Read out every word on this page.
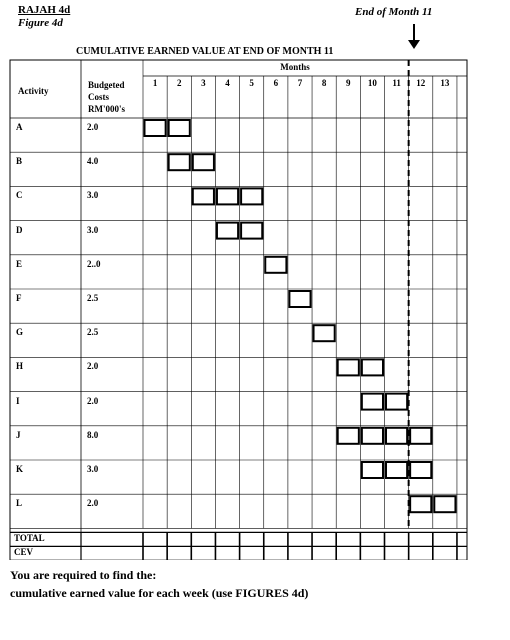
RAJAH 4d
Figure 4d
End of Month 11
CUMULATIVE EARNED VALUE AT END OF MONTH 11
Months
Activity
Budgeted
Costs
RM'000's
1	2	3	4	5	6	7	8	9	10	11	12	13
A	2.0
B	4.0
C	3.0
D	3.0
E	2..0
F	2.5
G	2.5
H	2.0
I	2.0
J	8.0
K	3.0
L	2.0
TOTAL
CEV
You are required to find the:
cumulative earned value for each week (use FIGURES 4d)
